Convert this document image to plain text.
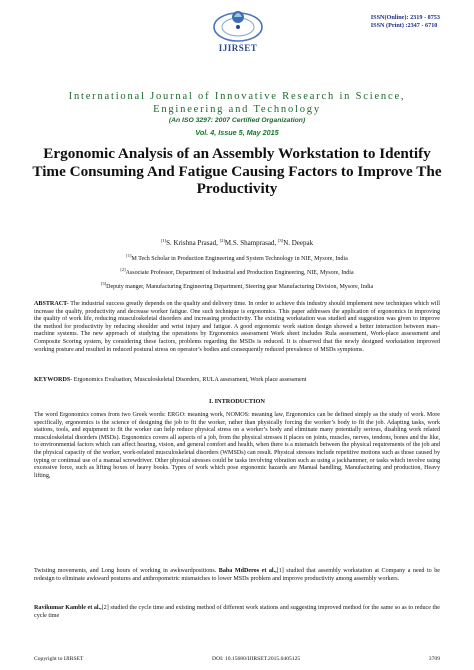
IJIRSET
ISSN(Online): 2319 - 8753
ISSN (Print) :2347 - 6710
International Journal of Innovative Research in Science,
Engineering and Technology
(An ISO 3297: 2007 Certified Organization)
Vol. 4, Issue 5, May 2015
Ergonomic Analysis of an Assembly Workstation to Identify Time Consuming And Fatigue Causing Factors to Improve The Productivity
[1]S. Krishna Prasad, [2]M.S. Shamprasad, [3]N. Deepak
[1]M Tech Scholar in Production Engineering and System Technology in NIE, Mysore, India
[2]Associate Professor, Department of Industrial and Production Engineering, NIE, Mysore, India
[3]Deputy manger, Manufacturing Engineering Department, Steering gear Manufacturing Division, Mysore, India
ABSTRACT- The industrial success greatly depends on the quality and delivery time. In order to achieve this industry should implement new techniques which will increase the quality, productivity and decrease worker fatigue. One such technique is ergonomics. This paper addresses the application of ergonomics in improving the quality of work life, reducing musculoskeletal disorders and increasing productivity. The existing workstation was studied and suggestion was given to improve the method for productivity by reducing shoulder and wrist injury and fatigue. A good ergonomic work station design showed a better interaction between man–machine systems. The new approach of studying the operations by Ergonomics assessment Work sheet includes Rula assessment, Work-place assessment and Composite Scoring system, by considering these factors, problems regarding the MSDs is reduced. It is observed that the newly designed workstation improved working posture and resulted in reduced postural stress on operator’s bodies and consequently reduced prevalence of MSDs symptoms.
KEYWORDS- Ergonomics Evaluation, Musculoskeletal Disorders, RULA assessment, Work place assessment
I. INTRODUCTION
The word Ergonomics comes from two Greek words: ERGO: meaning work, NOMOS: meaning law, Ergonomics can be defined simply as the study of work. More specifically, ergonomics is the science of designing the job to fit the worker, rather than physically forcing the worker’s body to fit the job. Adapting tasks, work stations, tools, and equipment to fit the worker can help reduce physical stress on a worker’s body and eliminate many potentially serious, disabling work related musculoskeletal disorders (MSDs). Ergonomics covers all aspects of a job, from the physical stresses it places on joints, muscles, nerves, tendons, bones and the like, to environmental factors which can affect hearing, vision, and general comfort and health, when there is a mismatch between the physical requirements of the job and the physical capacity of the worker, work-related musculoskeletal disorders (WMSDs) can result. Physical stresses include repetitive motions such as those caused by typing or continual use of a manual screwdriver. Other physical stresses could be tasks involving vibration such as using a jackhammer, or tasks which involve using excessive force, such as lifting boxes of heavy books. Types of work which pose ergonomic hazards are Manual handling, Manufacturing and production, Heavy lifting,
Twisting movements, and Long hours of working in awkwardpositions. Baba MdDeros et al.,[1] studied that assembly workstation at Company a need to be redesign to eliminate awkward postures and anthropometric mismatches to lower MSDs problem and improve productivity among assembly workers.
Ravikumar Kamble et al.,[2] studied the cycle time and existing method of different work stations and suggesting improved method for the same so as to reduce the cycle time
Copyright to IJIRSET	DOI: 10.15680/IJIRSET.2015.0405125	3709
